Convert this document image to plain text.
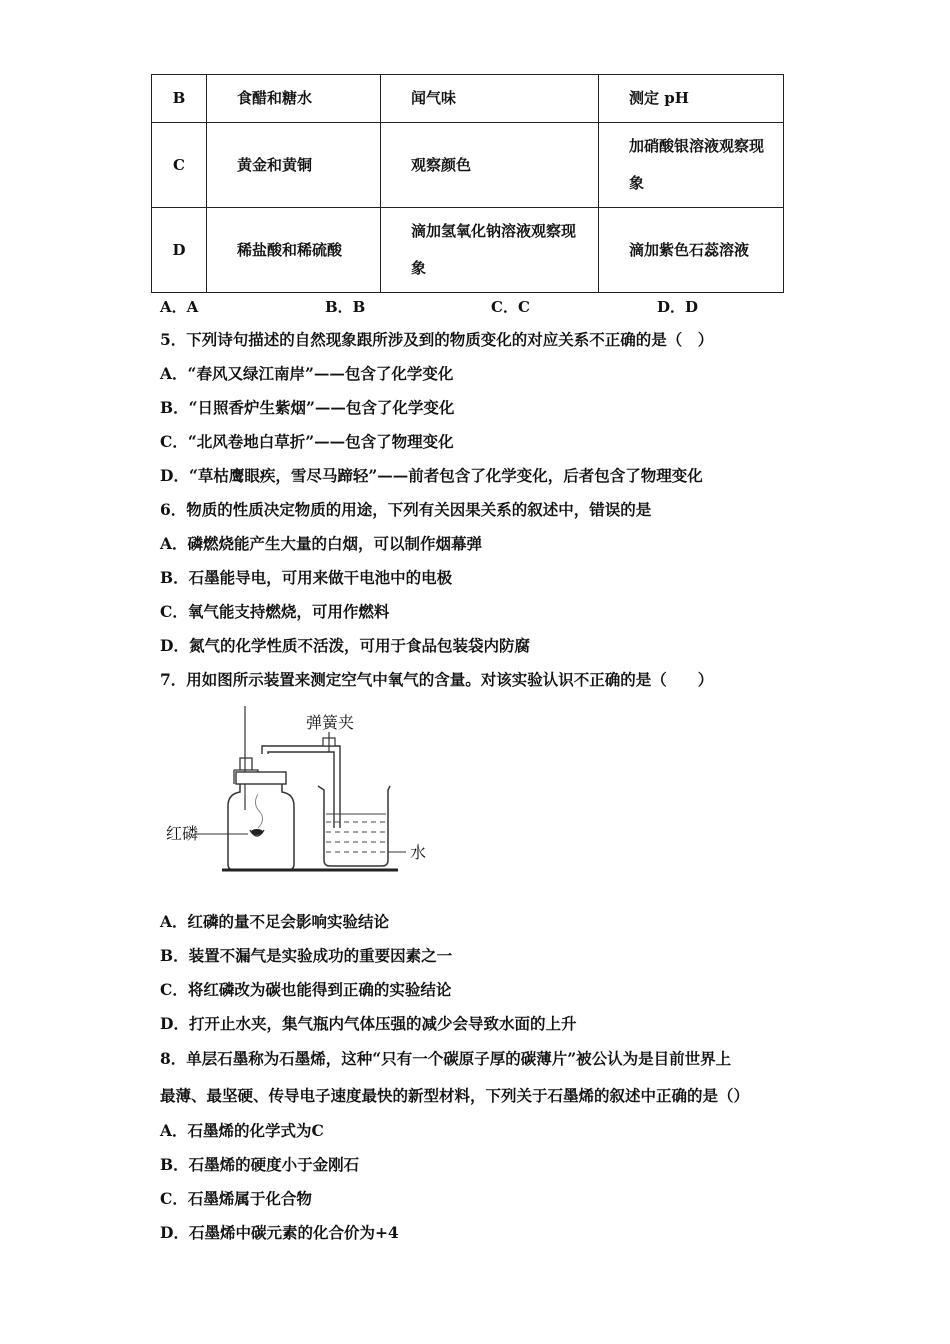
B	食醋和糖水	闻气味	测定 pH
C	黄金和黄铜	观察颜色	加硝酸银溶液观察现象
D	稀盐酸和稀硫酸	滴加氢氧化钠溶液观察现象	滴加紫色石蕊溶液
A．A	B．B	C．C	D．D
5．下列诗句描述的自然现象跟所涉及到的物质变化的对应关系不正确的是（　）
A．“春风又绿江南岸”——包含了化学变化
B．“日照香炉生紫烟”——包含了化学变化
C．“北风卷地白草折”——包含了物理变化
D．“草枯鹰眼疾，雪尽马蹄轻”——前者包含了化学变化，后者包含了物理变化
6．物质的性质决定物质的用途，下列有关因果关系的叙述中，错误的是
A．磷燃烧能产生大量的白烟，可以制作烟幕弹
B．石墨能导电，可用来做干电池中的电极
C．氧气能支持燃烧，可用作燃料
D．氮气的化学性质不活泼，可用于食品包装袋内防腐
7．用如图所示装置来测定空气中氧气的含量。对该实验认识不正确的是（　　）
弹簧夹
红磷
水
A．红磷的量不足会影响实验结论
B．装置不漏气是实验成功的重要因素之一
C．将红磷改为碳也能得到正确的实验结论
D．打开止水夹，集气瓶内气体压强的减少会导致水面的上升
8．单层石墨称为石墨烯，这种“只有一个碳原子厚的碳薄片”被公认为是目前世界上
最薄、最坚硬、传导电子速度最快的新型材料，下列关于石墨烯的叙述中正确的是（）
A．石墨烯的化学式为C
B．石墨烯的硬度小于金刚石
C．石墨烯属于化合物
D．石墨烯中碳元素的化合价为+4
